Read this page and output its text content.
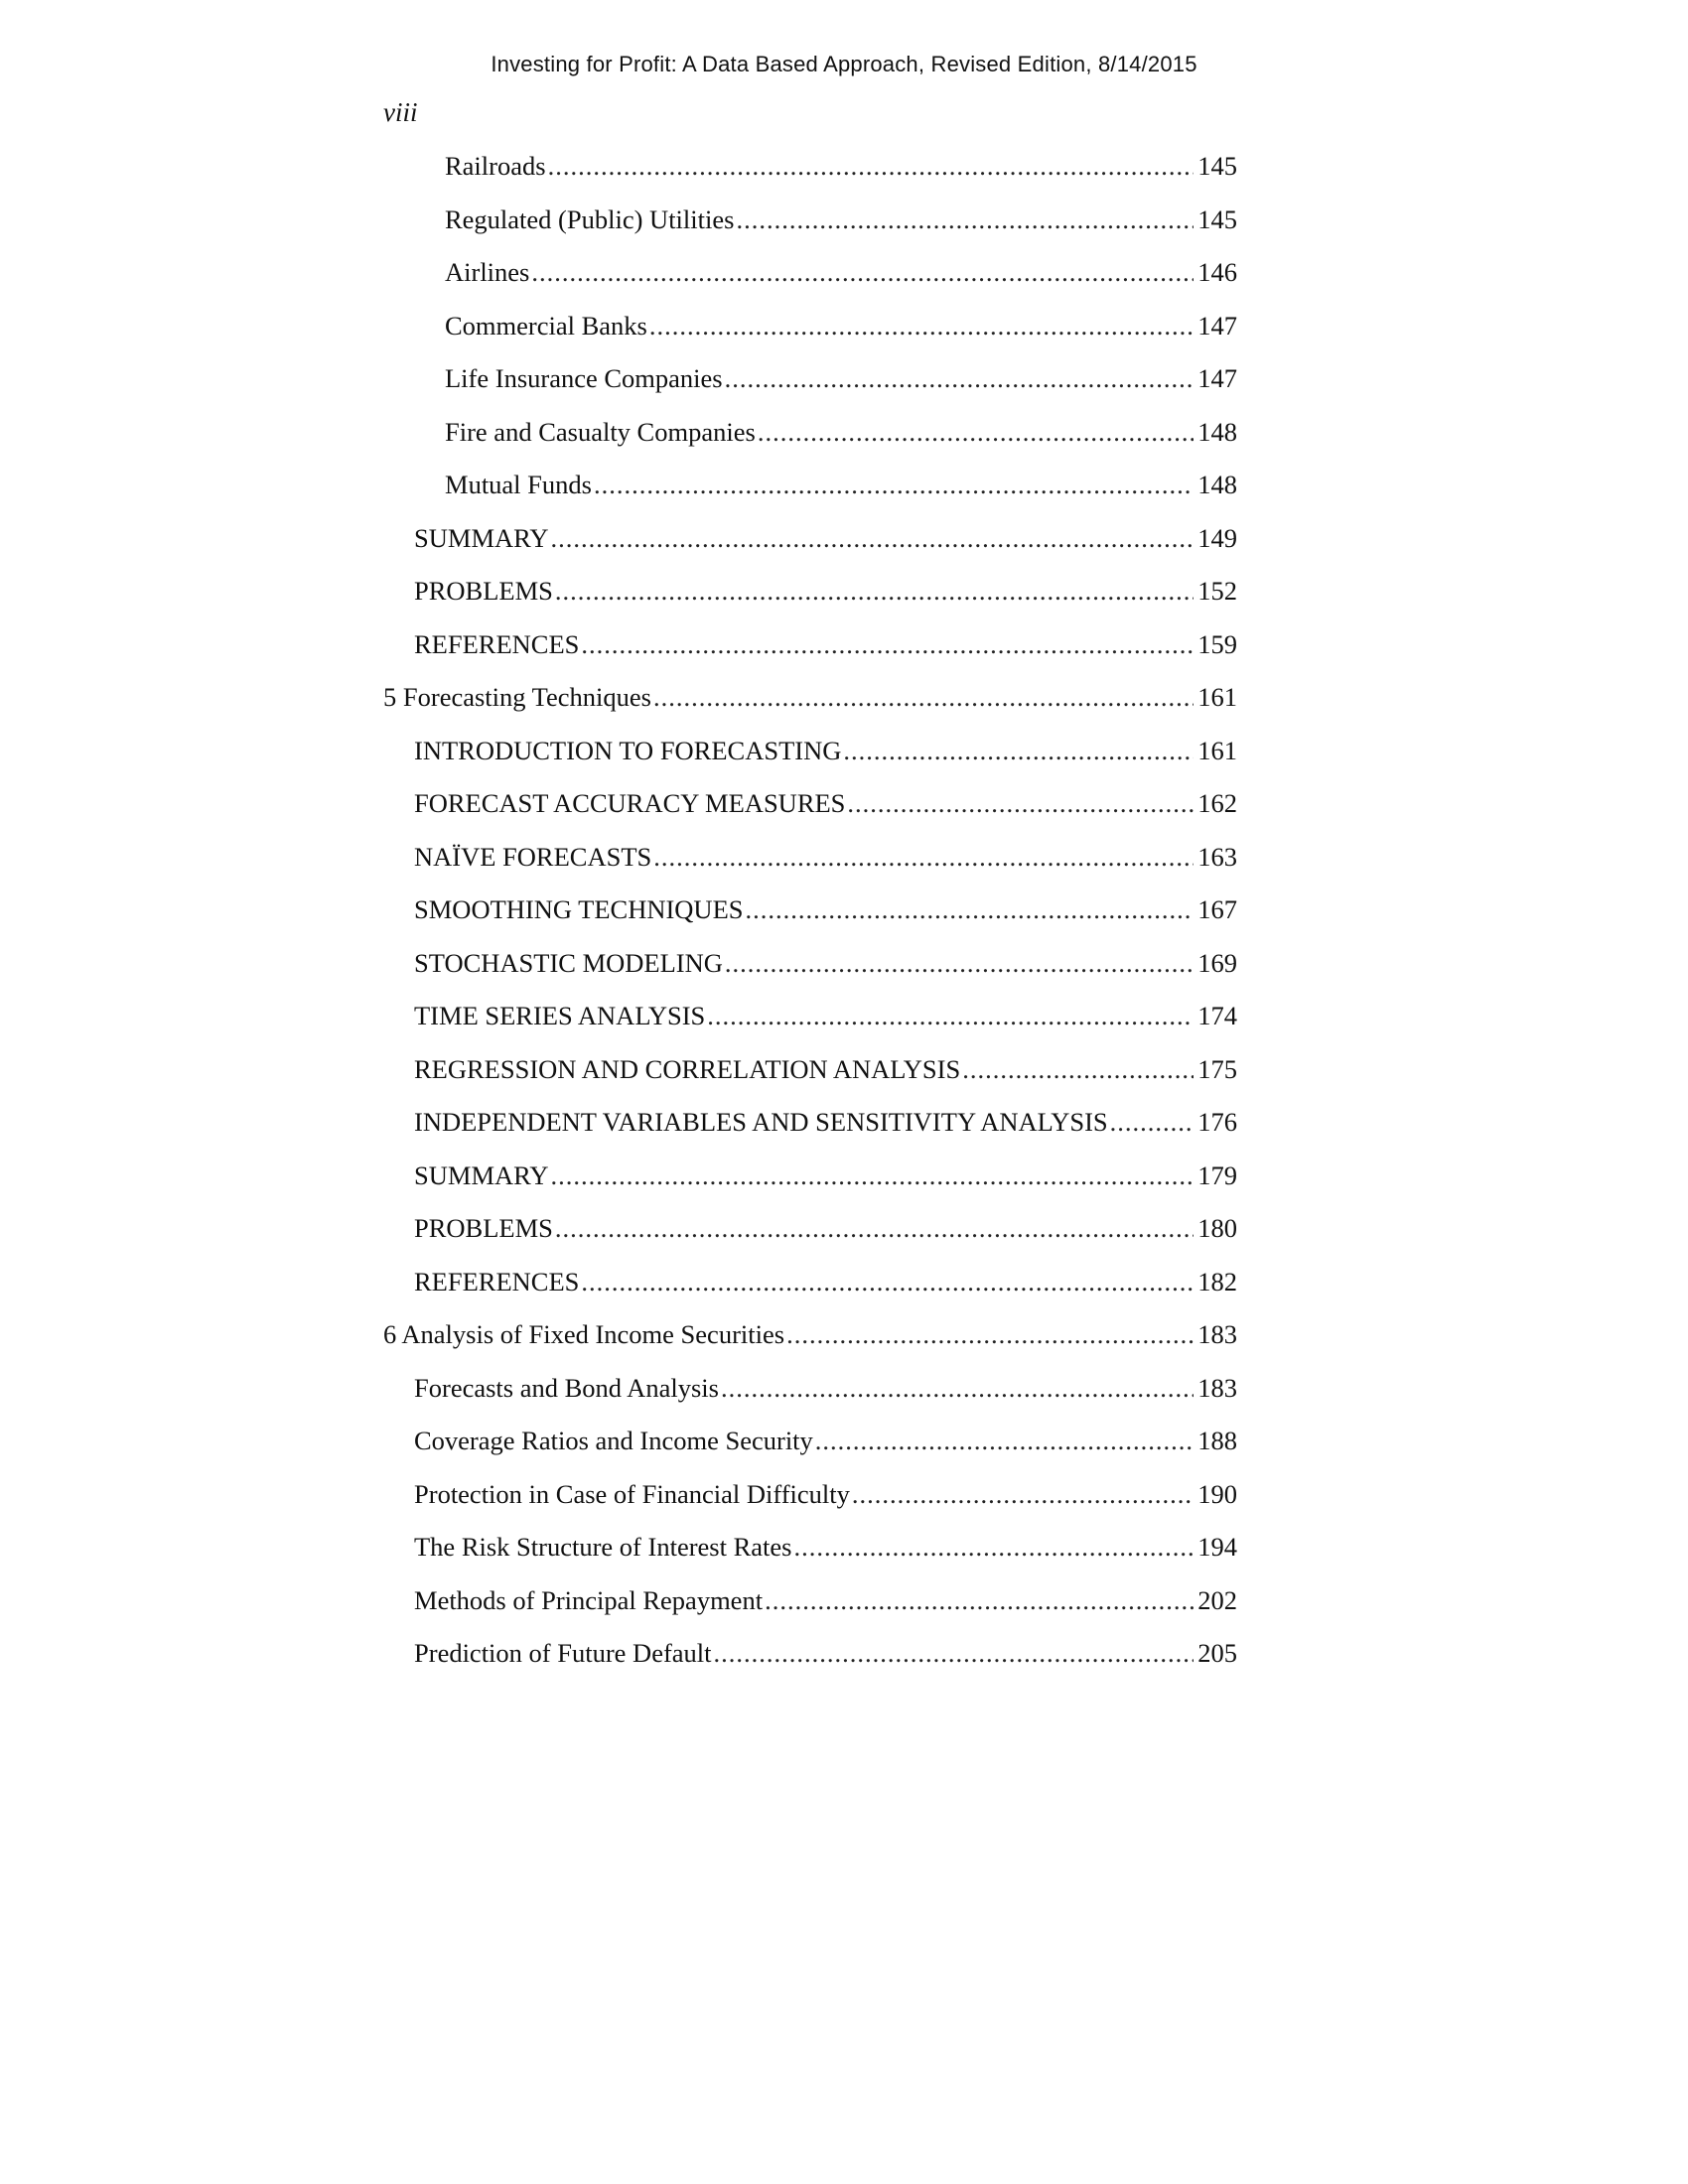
Investing for Profit: A Data Based Approach, Revised Edition, 8/14/2015
viii
Railroads .....	145
Regulated (Public) Utilities .....	145
Airlines .....	146
Commercial Banks .....	147
Life Insurance Companies .....	147
Fire and Casualty Companies .....	148
Mutual Funds .....	148
SUMMARY .....	149
PROBLEMS .....	152
REFERENCES .....	159
5 Forecasting Techniques .....	161
INTRODUCTION TO FORECASTING .....	161
FORECAST ACCURACY MEASURES .....	162
NAÏVE FORECASTS .....	163
SMOOTHING TECHNIQUES .....	167
STOCHASTIC MODELING .....	169
TIME SERIES ANALYSIS .....	174
REGRESSION AND CORRELATION ANALYSIS .....	175
INDEPENDENT VARIABLES AND SENSITIVITY ANALYSIS .....	176
SUMMARY .....	179
PROBLEMS .....	180
REFERENCES .....	182
6 Analysis of Fixed Income Securities .....	183
Forecasts and Bond Analysis .....	183
Coverage Ratios and Income Security .....	188
Protection in Case of Financial Difficulty .....	190
The Risk Structure of Interest Rates .....	194
Methods of Principal Repayment .....	202
Prediction of Future Default .....	205
